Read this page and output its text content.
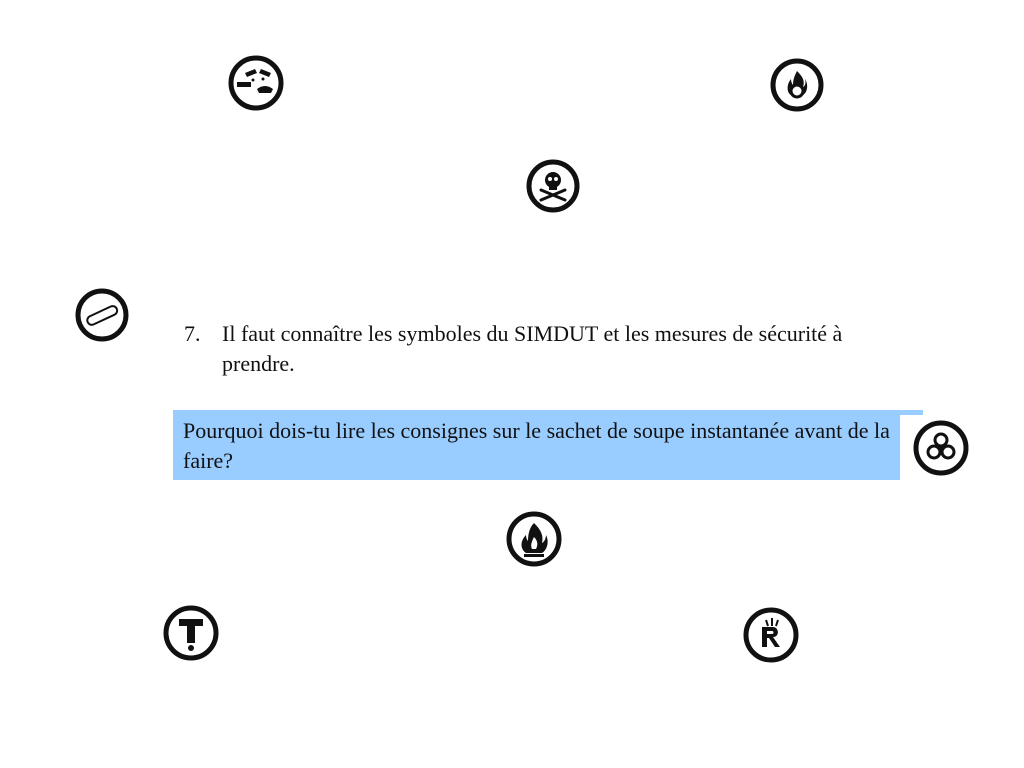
7. Il faut connaître les symboles du SIMDUT et les mesures de sécurité à prendre.
Pourquoi dois-tu lire les consignes sur le sachet de soupe instantanée avant de la faire?
